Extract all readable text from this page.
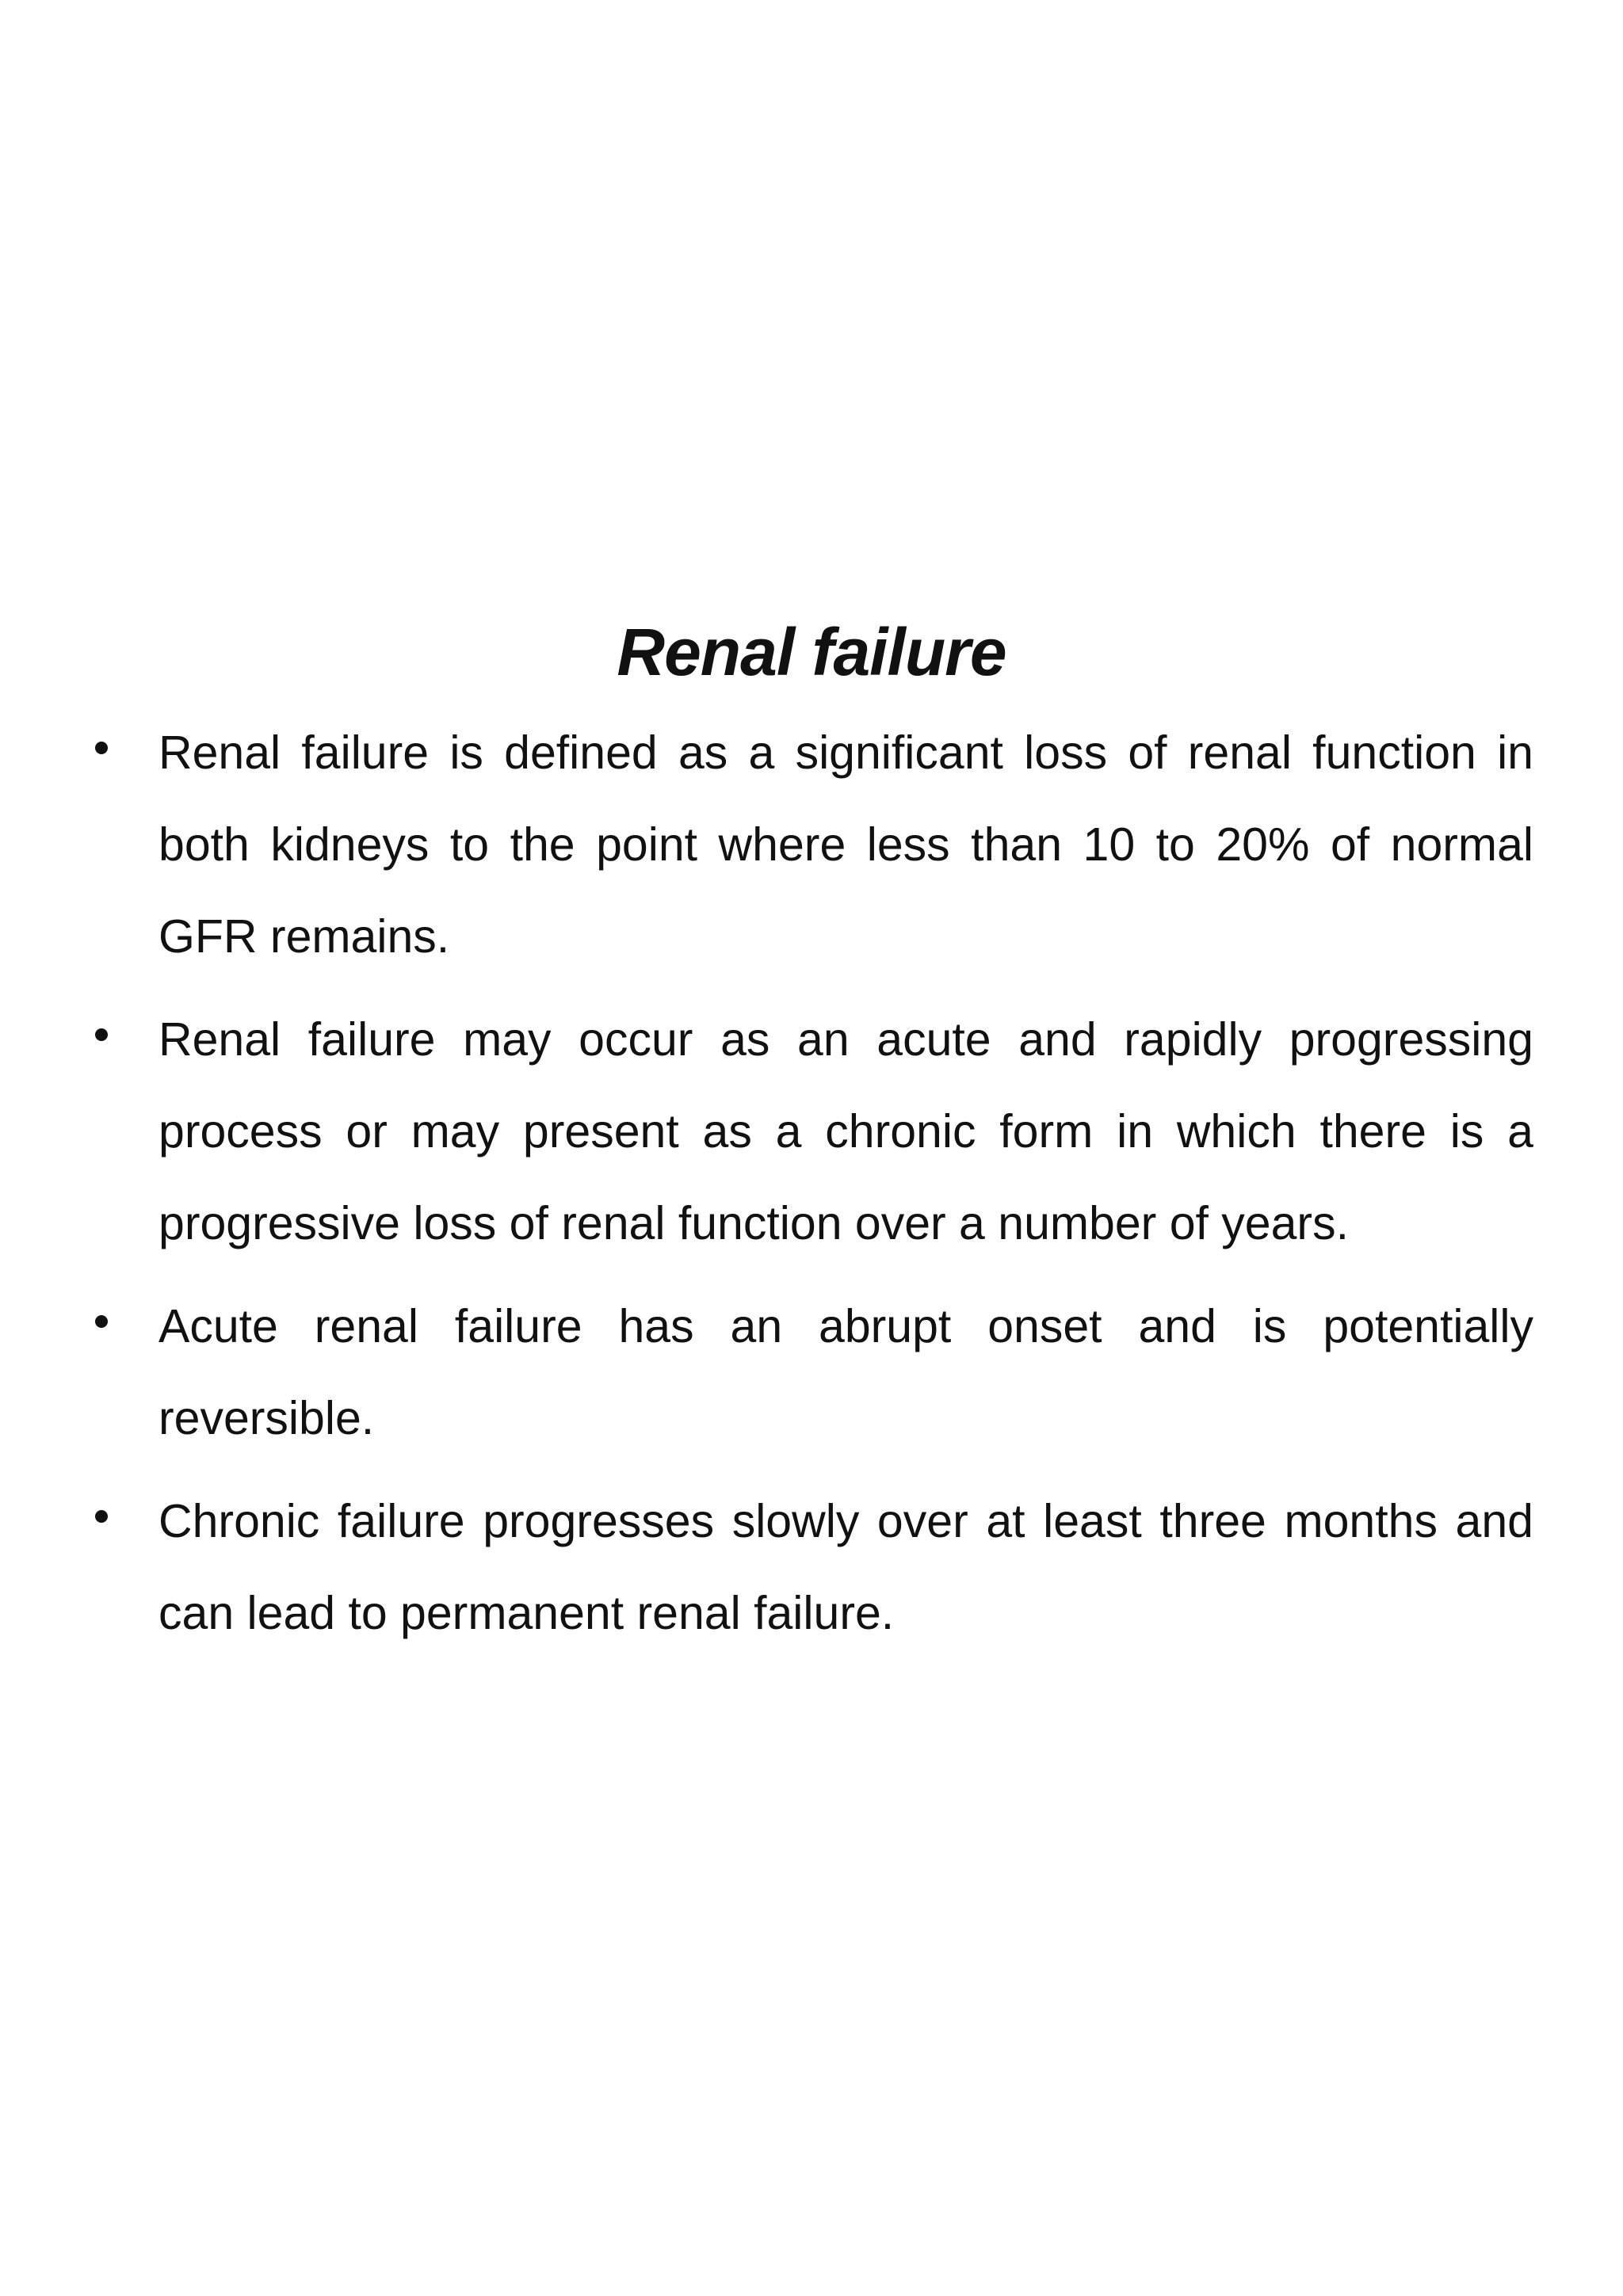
Renal failure
Renal failure is defined as a significant loss of renal function in both kidneys to the point where less than 10 to 20% of normal GFR remains.
Renal failure may occur as an acute and rapidly progressing process or may present as a chronic form in which there is a progressive loss of renal function over a number of years.
Acute renal failure has an abrupt onset and is potentially reversible.
Chronic failure progresses slowly over at least three months and can lead to permanent renal failure.
